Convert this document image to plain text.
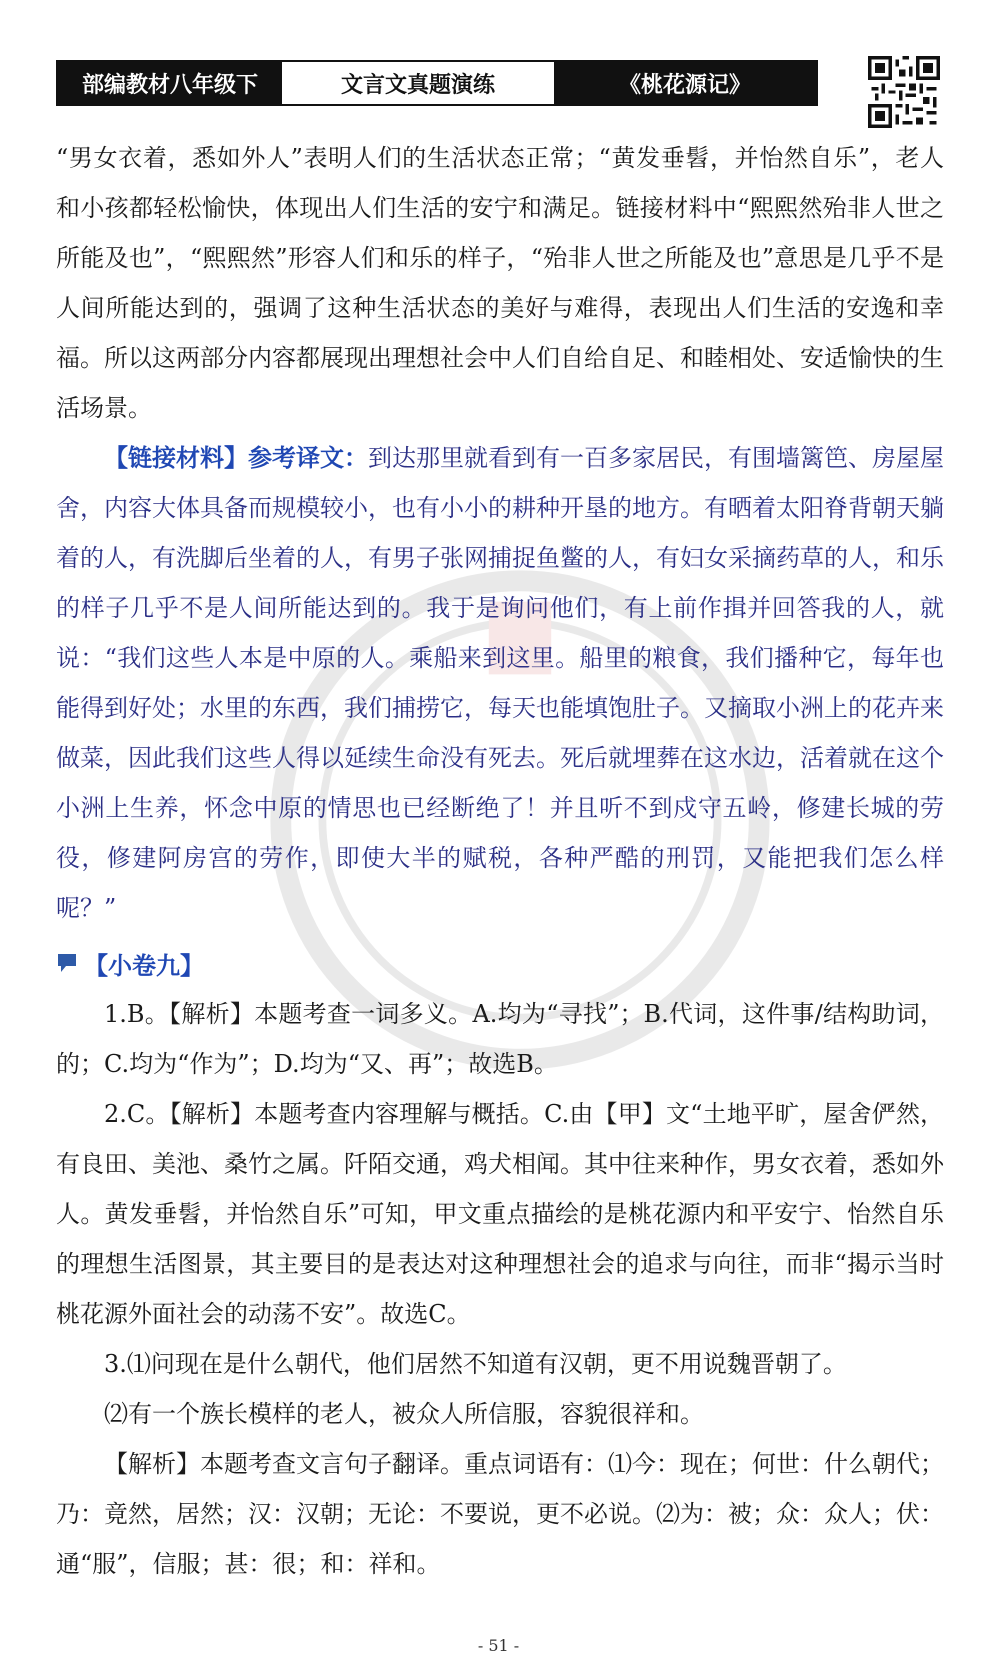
部编教材八年级下	文言文真题演练	《桃花源记》

“男女衣着，悉如外人”表明人们的生活状态正常；“黄发垂髫，并怡然自乐”，老人和小孩都轻松愉快，体现出人们生活的安宁和满足。链接材料中“熙熙然殆非人世之所能及也”，“熙熙然”形容人们和乐的样子，“殆非人世之所能及也”意思是几乎不是人间所能达到的，强调了这种生活状态的美好与难得，表现出人们生活的安逸和幸福。所以这两部分内容都展现出理想社会中人们自给自足、和睦相处、安适愉快的生活场景。

【链接材料】参考译文：到达那里就看到有一百多家居民，有围墙篱笆、房屋屋舍，内容大体具备而规模较小，也有小小的耕种开垦的地方。有晒着太阳脊背朝天躺着的人，有洗脚后坐着的人，有男子张网捕捉鱼鳖的人，有妇女采摘药草的人，和乐的样子几乎不是人间所能达到的。我于是询问他们，有上前作揖并回答我的人，就说：“我们这些人本是中原的人。乘船来到这里。船里的粮食，我们播种它，每年也能得到好处；水里的东西，我们捕捞它，每天也能填饱肚子。又摘取小洲上的花卉来做菜，因此我们这些人得以延续生命没有死去。死后就埋葬在这水边，活着就在这个小洲上生养，怀念中原的情思也已经断绝了！并且听不到戍守五岭，修建长城的劳役，修建阿房宫的劳作，即使大半的赋税，各种严酷的刑罚，又能把我们怎么样呢？”

【小卷九】

1.B。【解析】本题考查一词多义。A.均为“寻找”；B.代词，这件事/结构助词，的；C.均为“作为”；D.均为“又、再”；故选B。

2.C。【解析】本题考查内容理解与概括。C.由【甲】文“土地平旷，屋舍俨然，有良田、美池、桑竹之属。阡陌交通，鸡犬相闻。其中往来种作，男女衣着，悉如外人。黄发垂髫，并怡然自乐”可知，甲文重点描绘的是桃花源内和平安宁、怡然自乐的理想生活图景，其主要目的是表达对这种理想社会的追求与向往，而非“揭示当时桃花源外面社会的动荡不安”。故选C。

3.⑴问现在是什么朝代，他们居然不知道有汉朝，更不用说魏晋朝了。

⑵有一个族长模样的老人，被众人所信服，容貌很祥和。

【解析】本题考查文言句子翻译。重点词语有：⑴今：现在；何世：什么朝代；乃：竟然，居然；汉：汉朝；无论：不要说，更不必说。⑵为：被；众：众人；伏：通“服”，信服；甚：很；和：祥和。

- 51 -
